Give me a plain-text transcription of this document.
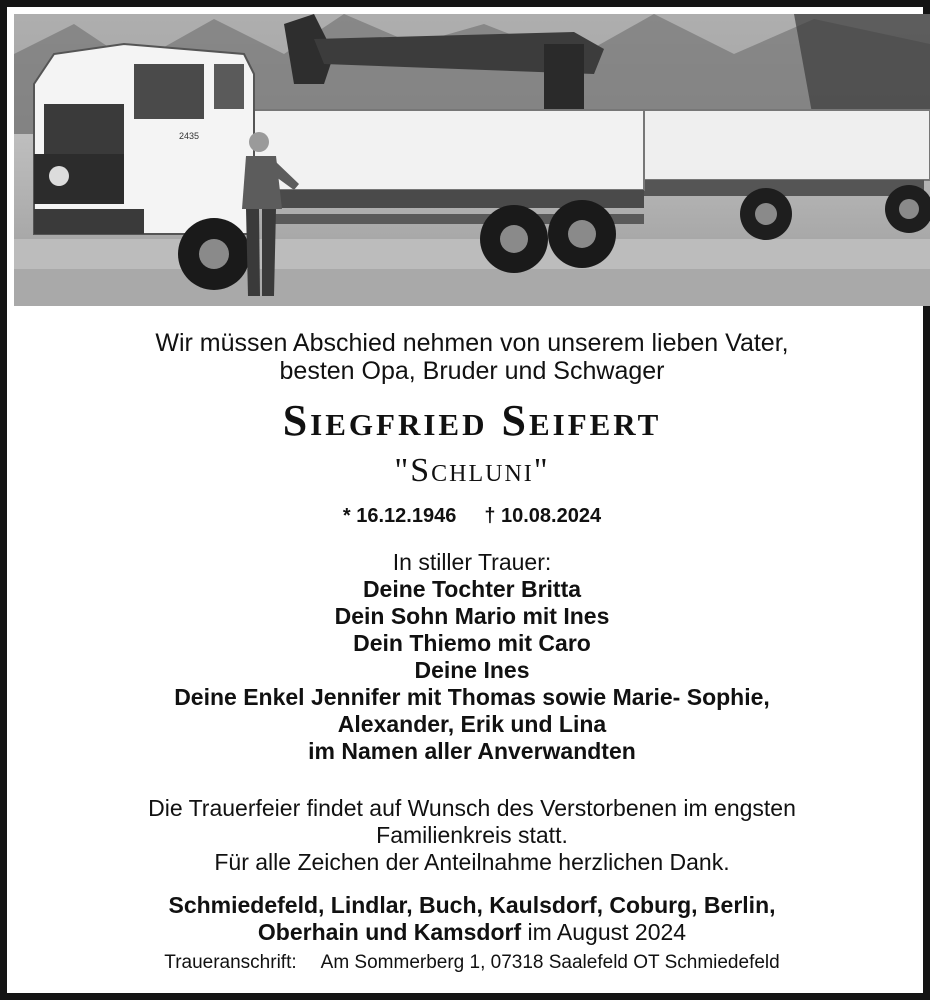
2435
Wir müssen Abschied nehmen von unserem lieben Vater,
besten Opa, Bruder und Schwager
Siegfried Seifert
"Schluni"
* 16.12.1946 † 10.08.2024
In stiller Trauer:
Deine Tochter Britta
Dein Sohn Mario mit Ines
Dein Thiemo mit Caro
Deine Ines
Deine Enkel Jennifer mit Thomas sowie Marie- Sophie,
Alexander, Erik und Lina
im Namen aller Anverwandten
Die Trauerfeier findet auf Wunsch des Verstorbenen im engsten
Familienkreis statt.
Für alle Zeichen der Anteilnahme herzlichen Dank.
Schmiedefeld, Lindlar, Buch, Kaulsdorf, Coburg, Berlin,
Oberhain und Kamsdorf im August 2024
Traueranschrift: Am Sommerberg 1, 07318 Saalefeld OT Schmiedefeld
